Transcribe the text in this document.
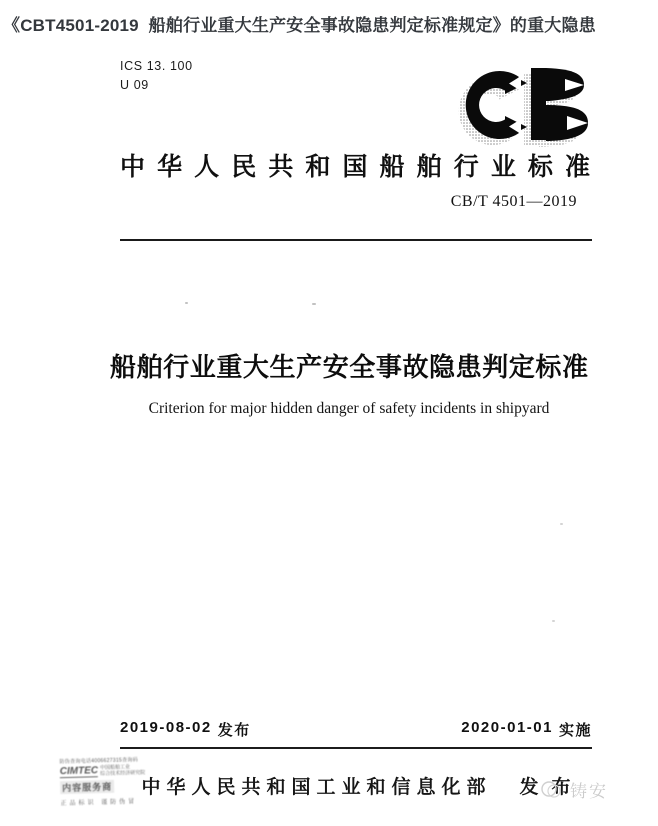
《CBT4501-2019  船舶行业重大生产安全事故隐患判定标准规定》的重大隐患
ICS 13. 100
U 09
中华人民共和国船舶行业标准
CB/T 4501—2019
船舶行业重大生产安全事故隐患判定标准
Criterion for major hidden danger of safety incidents in shipyard
2019-08-02 发布	2020-01-01 实施
中华人民共和国工业和信息化部 发布
防伪查询电话4006627315查询码
CIMTEC 中国船舶工业
综合技术经济研究院
内容服务商
正品标识 谨防伪冒
铸安
